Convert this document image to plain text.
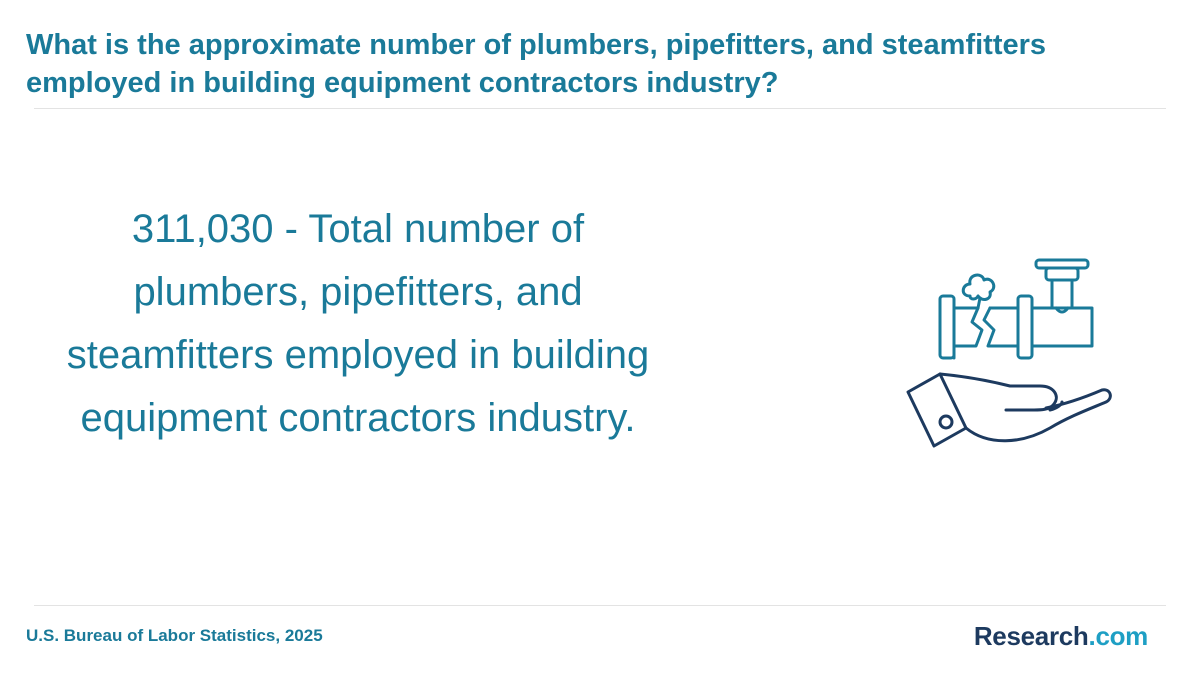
What is the approximate number of plumbers, pipefitters, and steamfitters employed in building equipment contractors industry?

311,030 - Total number of plumbers, pipefitters, and steamfitters employed in building equipment contractors industry.

U.S. Bureau of Labor Statistics, 2025	Research.com
